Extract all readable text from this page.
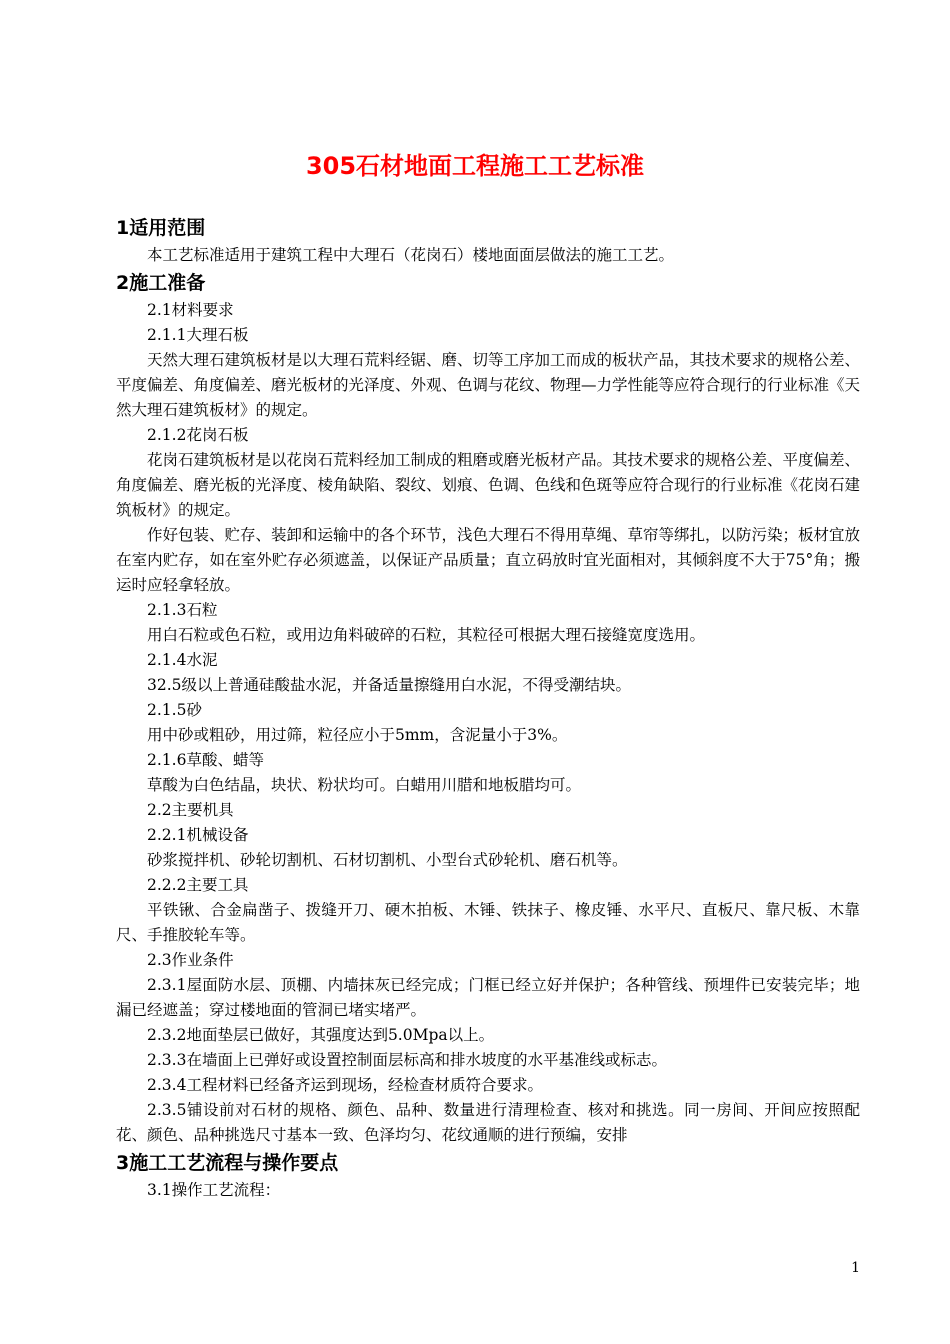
305石材地面工程施工工艺标准
1适用范围

本工艺标准适用于建筑工程中大理石（花岗石）楼地面面层做法的施工工艺。

2施工准备

2.1材料要求

2.1.1大理石板

天然大理石建筑板材是以大理石荒料经锯、磨、切等工序加工而成的板状产品，其技术要求的规格公差、平度偏差、角度偏差、磨光板材的光泽度、外观、色调与花纹、物理—力学性能等应符合现行的行业标准《天然大理石建筑板材》的规定。

2.1.2花岗石板

花岗石建筑板材是以花岗石荒料经加工制成的粗磨或磨光板材产品。其技术要求的规格公差、平度偏差、角度偏差、磨光板的光泽度、棱角缺陷、裂纹、划痕、色调、色线和色斑等应符合现行的行业标准《花岗石建筑板材》的规定。

作好包装、贮存、装卸和运输中的各个环节，浅色大理石不得用草绳、草帘等绑扎，以防污染；板材宜放在室内贮存，如在室外贮存必须遮盖，以保证产品质量；直立码放时宜光面相对，其倾斜度不大于75°角；搬运时应轻拿轻放。

2.1.3石粒

用白石粒或色石粒，或用边角料破碎的石粒，其粒径可根据大理石接缝宽度选用。

2.1.4水泥

32.5级以上普通硅酸盐水泥，并备适量擦缝用白水泥，不得受潮结块。

2.1.5砂

用中砂或粗砂，用过筛，粒径应小于5mm，含泥量小于3%。

2.1.6草酸、蜡等

草酸为白色结晶，块状、粉状均可。白蜡用川腊和地板腊均可。

2.2主要机具

2.2.1机械设备

砂浆搅拌机、砂轮切割机、石材切割机、小型台式砂轮机、磨石机等。

2.2.2主要工具

平铁锹、合金扁凿子、拨缝开刀、硬木拍板、木锤、铁抹子、橡皮锤、水平尺、直板尺、靠尺板、木靠尺、手推胶轮车等。

2.3作业条件

2.3.1屋面防水层、顶棚、内墙抹灰已经完成；门框已经立好并保护；各种管线、预埋件已安装完毕；地漏已经遮盖；穿过楼地面的管洞已堵实堵严。

2.3.2地面垫层已做好，其强度达到5.0Mpa以上。

2.3.3在墙面上已弹好或设置控制面层标高和排水坡度的水平基准线或标志。

2.3.4工程材料已经备齐运到现场，经检查材质符合要求。

2.3.5铺设前对石材的规格、颜色、品种、数量进行清理检查、核对和挑选。同一房间、开间应按照配花、颜色、品种挑选尺寸基本一致、色泽均匀、花纹通顺的进行预编，安排

3施工工艺流程与操作要点

3.1操作工艺流程：

1
